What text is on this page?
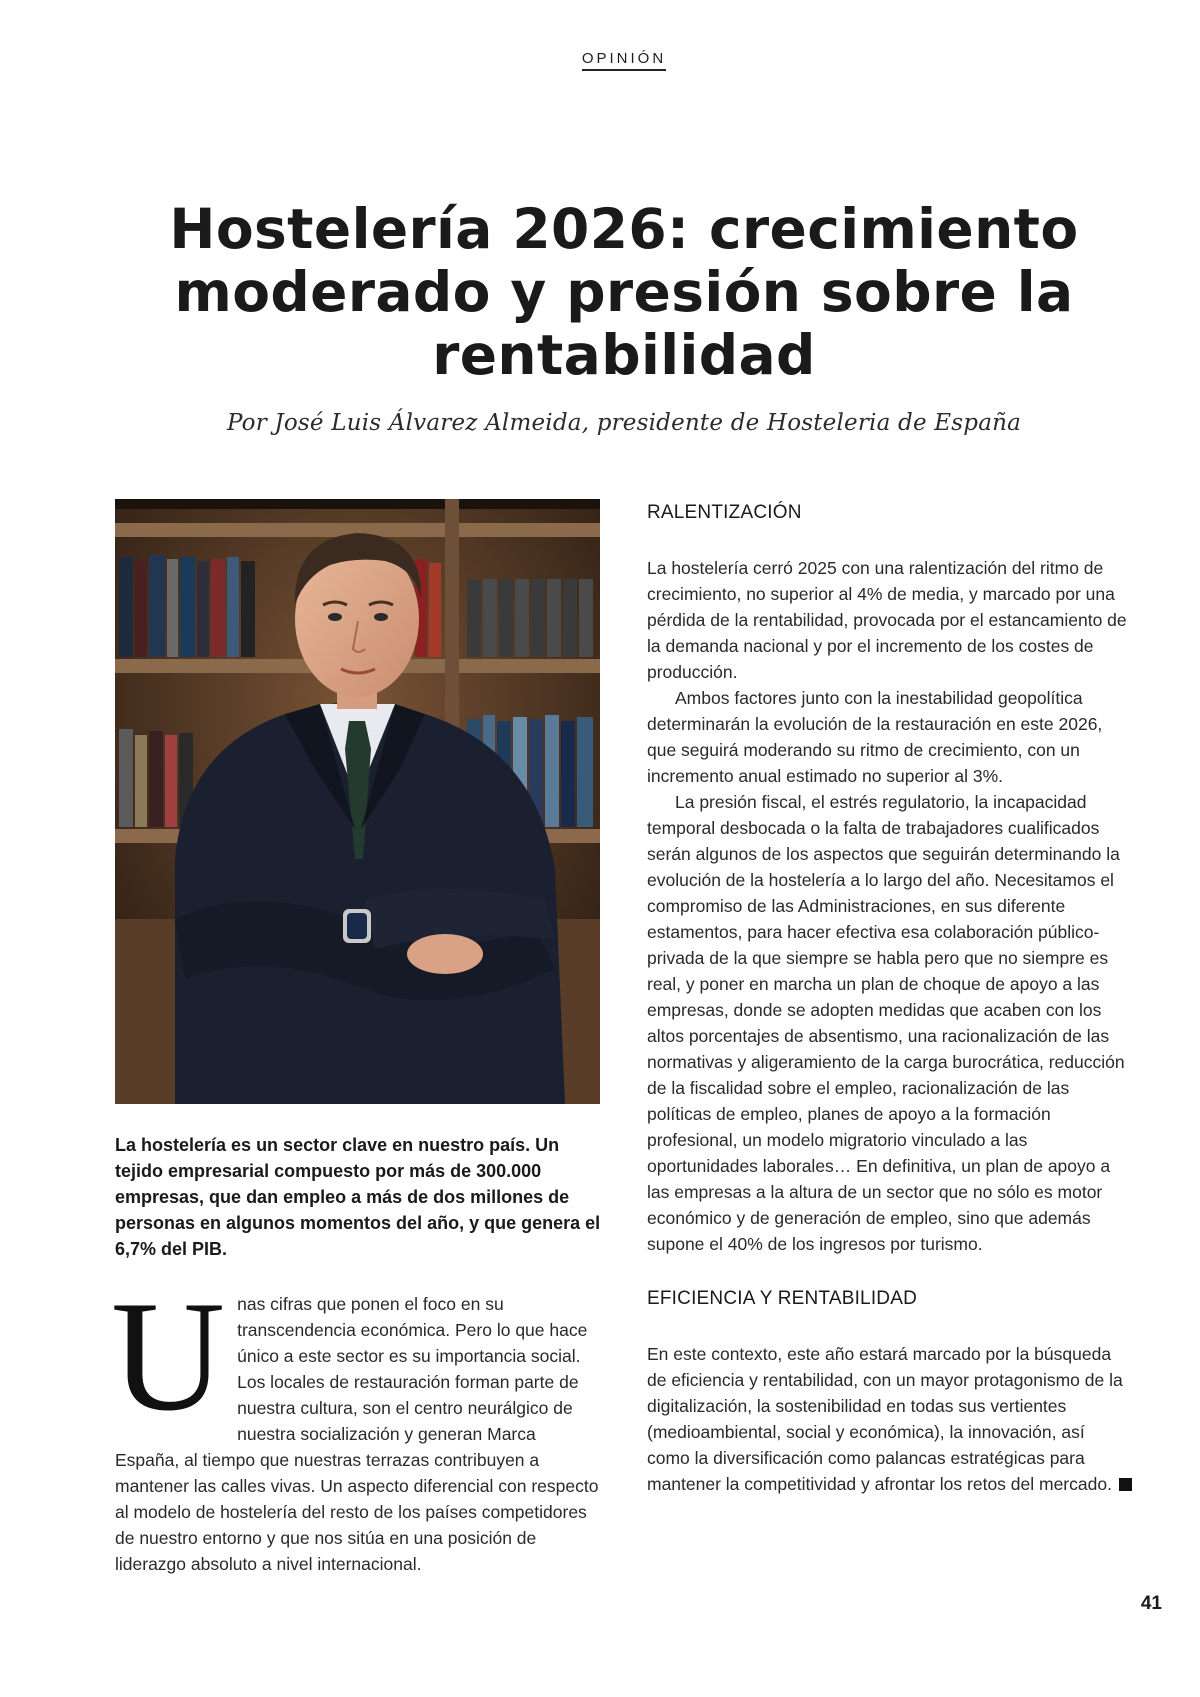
OPINIÓN
Hostelería 2026: crecimiento moderado y presión sobre la rentabilidad
Por José Luis Álvarez Almeida, presidente de Hosteleria de España

La hostelería es un sector clave en nuestro país. Un tejido empresarial compuesto por más de 300.000 empresas, que dan empleo a más de dos millones de personas en algunos momentos del año, y que genera el 6,7% del PIB.

Unas cifras que ponen el foco en su transcendencia económica. Pero lo que hace único a este sector es su importancia social. Los locales de restauración forman parte de nuestra cultura, son el centro neurálgico de nuestra socialización y generan Marca España, al tiempo que nuestras terrazas contribuyen a mantener las calles vivas. Un aspecto diferencial con respecto al modelo de hostelería del resto de los países competidores de nuestro entorno y que nos sitúa en una posición de liderazgo absoluto a nivel internacional.

RALENTIZACIÓN

La hostelería cerró 2025 con una ralentización del ritmo de crecimiento, no superior al 4% de media, y marcado por una pérdida de la rentabilidad, provocada por el estancamiento de la demanda nacional y por el incremento de los costes de producción.

Ambos factores junto con la inestabilidad geopolítica determinarán la evolución de la restauración en este 2026, que seguirá moderando su ritmo de crecimiento, con un incremento anual estimado no superior al 3%.

La presión fiscal, el estrés regulatorio, la incapacidad temporal desbocada o la falta de trabajadores cualificados serán algunos de los aspectos que seguirán determinando la evolución de la hostelería a lo largo del año. Necesitamos el compromiso de las Administraciones, en sus diferente estamentos, para hacer efectiva esa colaboración público-privada de la que siempre se habla pero que no siempre es real, y poner en marcha un plan de choque de apoyo a las empresas, donde se adopten medidas que acaben con los altos porcentajes de absentismo, una racionalización de las normativas y aligeramiento de la carga burocrática, reducción de la fiscalidad sobre el empleo, racionalización de las políticas de empleo, planes de apoyo a la formación profesional, un modelo migratorio vinculado a las oportunidades laborales… En definitiva, un plan de apoyo a las empresas a la altura de un sector que no sólo es motor económico y de generación de empleo, sino que además supone el 40% de los ingresos por turismo.

EFICIENCIA Y RENTABILIDAD

En este contexto, este año estará marcado por la búsqueda de eficiencia y rentabilidad, con un mayor protagonismo de la digitalización, la sostenibilidad en todas sus vertientes (medioambiental, social y económica), la innovación, así como la diversificación como palancas estratégicas para mantener la competitividad y afrontar los retos del mercado.

41
